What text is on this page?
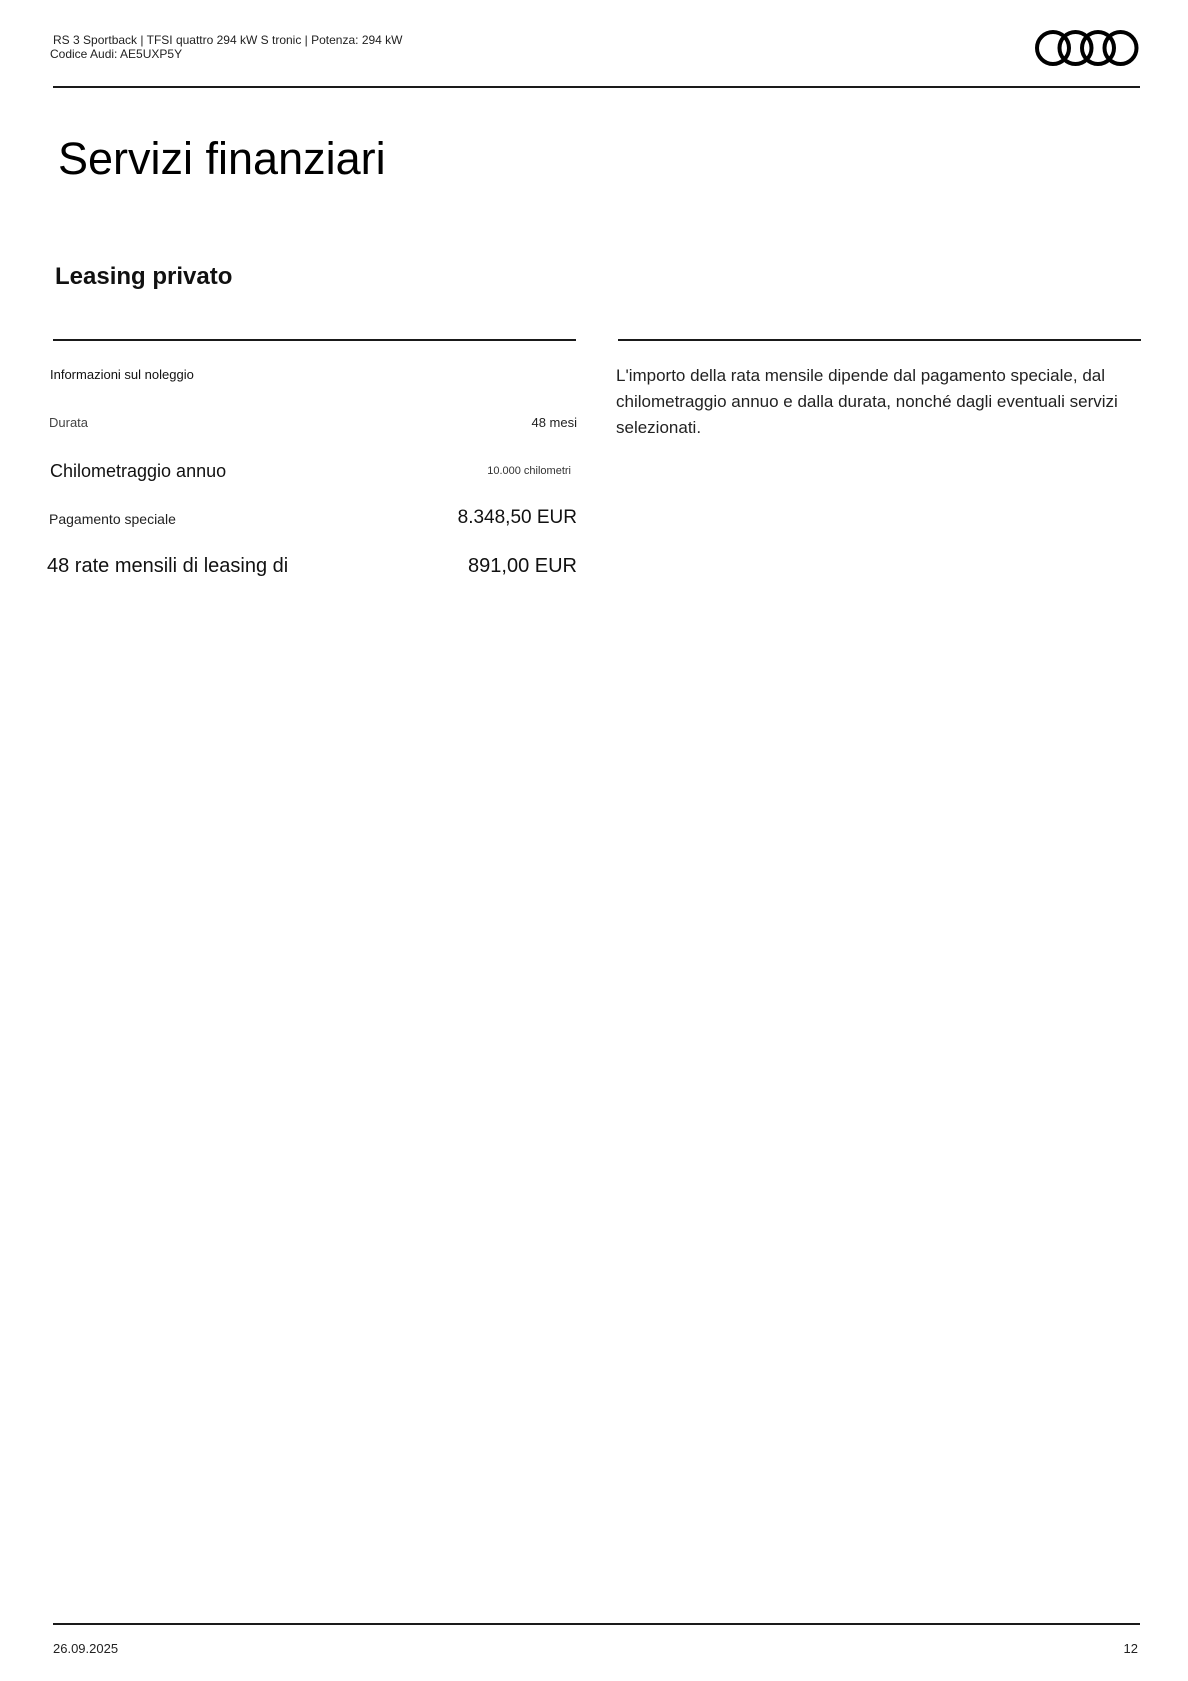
RS 3 Sportback | TFSI quattro 294 kW S tronic | Potenza: 294 kW
Codice Audi: AE5UXP5Y
Servizi finanziari
Leasing privato
Informazioni sul noleggio
Durata	48 mesi
Chilometraggio annuo	10.000 chilometri
Pagamento speciale	8.348,50 EUR
48 rate mensili di leasing di	891,00 EUR
L'importo della rata mensile dipende dal pagamento speciale, dal chilometraggio annuo e dalla durata, nonché dagli eventuali servizi selezionati.
26.09.2025	12
